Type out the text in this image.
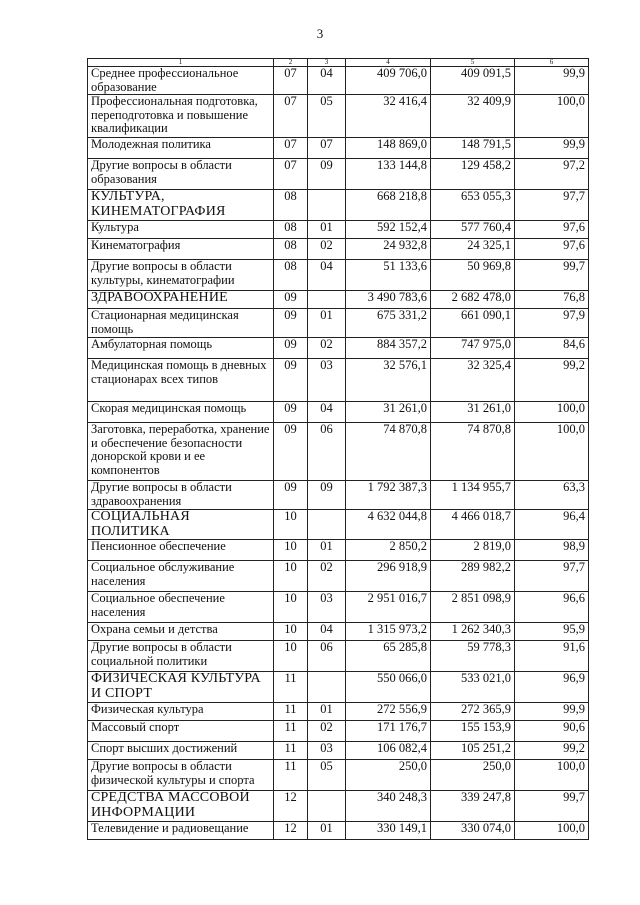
3
1	2	3	4	5	6
Среднее профессиональное образование	07	04	409 706,0	409 091,5	99,9
Профессиональная подготовка, переподготовка и повышение квалификации	07	05	32 416,4	32 409,9	100,0
Молодежная политика	07	07	148 869,0	148 791,5	99,9
Другие вопросы в области образования	07	09	133 144,8	129 458,2	97,2
КУЛЬТУРА, КИНЕМАТОГРАФИЯ	08		668 218,8	653 055,3	97,7
Культура	08	01	592 152,4	577 760,4	97,6
Кинематография	08	02	24 932,8	24 325,1	97,6
Другие вопросы в области культуры, кинематографии	08	04	51 133,6	50 969,8	99,7
ЗДРАВООХРАНЕНИЕ	09		3 490 783,6	2 682 478,0	76,8
Стационарная медицинская помощь	09	01	675 331,2	661 090,1	97,9
Амбулаторная помощь	09	02	884 357,2	747 975,0	84,6
Медицинская помощь в дневных стационарах всех типов	09	03	32 576,1	32 325,4	99,2
Скорая медицинская помощь	09	04	31 261,0	31 261,0	100,0
Заготовка, переработка, хранение и обеспечение безопасности донорской крови и ее компонентов	09	06	74 870,8	74 870,8	100,0
Другие вопросы в области здравоохранения	09	09	1 792 387,3	1 134 955,7	63,3
СОЦИАЛЬНАЯ ПОЛИТИКА	10		4 632 044,8	4 466 018,7	96,4
Пенсионное обеспечение	10	01	2 850,2	2 819,0	98,9
Социальное обслуживание населения	10	02	296 918,9	289 982,2	97,7
Социальное обеспечение населения	10	03	2 951 016,7	2 851 098,9	96,6
Охрана семьи и детства	10	04	1 315 973,2	1 262 340,3	95,9
Другие вопросы в области социальной политики	10	06	65 285,8	59 778,3	91,6
ФИЗИЧЕСКАЯ КУЛЬТУРА И СПОРТ	11		550 066,0	533 021,0	96,9
Физическая культура	11	01	272 556,9	272 365,9	99,9
Массовый спорт	11	02	171 176,7	155 153,9	90,6
Спорт высших достижений	11	03	106 082,4	105 251,2	99,2
Другие вопросы в области физической культуры и спорта	11	05	250,0	250,0	100,0
СРЕДСТВА МАССОВОЙ ИНФОРМАЦИИ	12		340 248,3	339 247,8	99,7
Телевидение и радиовещание	12	01	330 149,1	330 074,0	100,0
